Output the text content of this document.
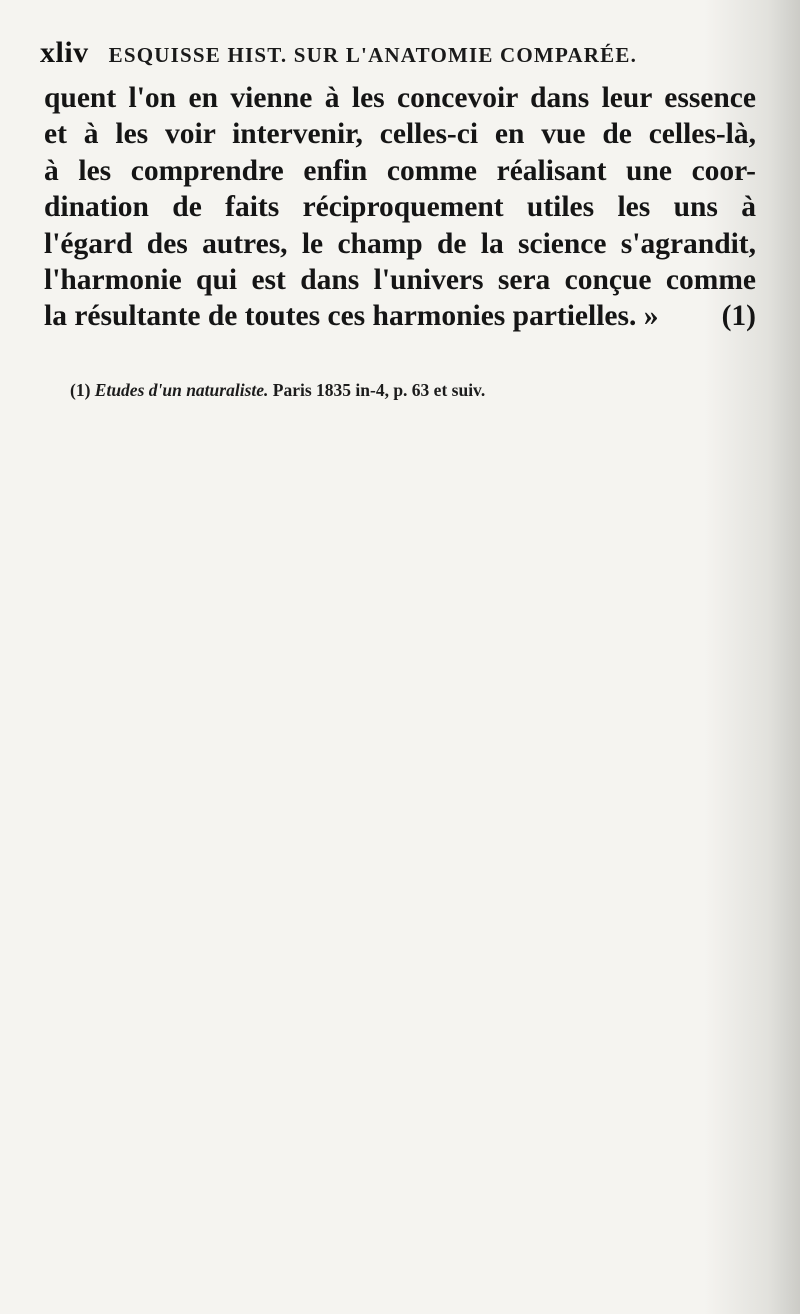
xliv ESQUISSE HIST. SUR L'ANATOMIE COMPARÉE.
quent l'on en vienne à les concevoir dans leur essence
et à les voir intervenir, celles-ci en vue de celles-là,
à les comprendre enfin comme réalisant une coor-
dination de faits réciproquement utiles les uns à
l'égard des autres, le champ de la science s'agrandit,
l'harmonie qui est dans l'univers sera conçue comme
la résultante de toutes ces harmonies partielles. » (1)
(1) Etudes d'un naturaliste. Paris 1835 in-4, p. 63 et suiv.
